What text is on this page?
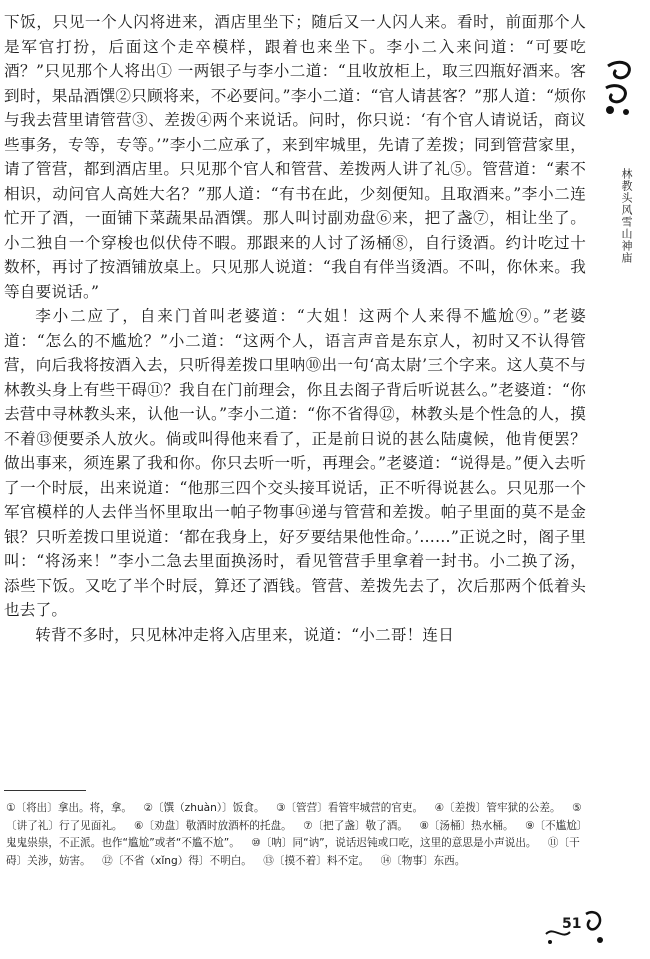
林教头风雪山神庙

下饭，只见一个人闪将进来，酒店里坐下；随后又一人闪人来。看时，前面那个人是军官打扮，后面这个走卒模样，跟着也来坐下。李小二入来问道：“可要吃酒？”只见那个人将出① 一两银子与李小二道：“且收放柜上，取三四瓶好酒来。客到时，果品酒馔②只顾将来，不必要问。”李小二道：“官人请甚客？”那人道：“烦你与我去营里请管营③、差拨④两个来说话。问时，你只说：‘有个官人请说话，商议些事务，专等，专等。’”李小二应承了，来到牢城里，先请了差拨；同到管营家里，请了管营，都到酒店里。只见那个官人和管营、差拨两人讲了礼⑤。管营道：“素不相识，动问官人高姓大名？”那人道：“有书在此，少刻便知。且取酒来。”李小二连忙开了酒，一面铺下菜蔬果品酒馔。那人叫讨副劝盘⑥来，把了盏⑦，相让坐了。小二独自一个穿梭也似伏侍不暇。那跟来的人讨了汤桶⑧，自行烫酒。约计吃过十数杯，再讨了按酒铺放桌上。只见那人说道：“我自有伴当烫酒。不叫，你休来。我等自要说话。”

李小二应了，自来门首叫老婆道：“大姐！这两个人来得不尴尬⑨。”老婆道：“怎么的不尴尬？”小二道：“这两个人，语言声音是东京人，初时又不认得管营，向后我将按酒入去，只听得差拨口里呐⑩出一句‘高太尉’三个字来。这人莫不与林教头身上有些干碍⑪？我自在门前理会，你且去阁子背后听说甚么。”老婆道：“你去营中寻林教头来，认他一认。”李小二道：“你不省得⑫，林教头是个性急的人，摸不着⑬便要杀人放火。倘或叫得他来看了，正是前日说的甚么陆虞候，他肯便罢？做出事来，须连累了我和你。你只去听一听，再理会。”老婆道：“说得是。”便入去听了一个时辰，出来说道：“他那三四个交头接耳说话，正不听得说甚么。只见那一个军官模样的人去伴当怀里取出一帕子物事⑭递与管营和差拨。帕子里面的莫不是金银？只听差拨口里说道：‘都在我身上，好歹要结果他性命。’……”正说之时，阁子里叫：“将汤来！”李小二急去里面换汤时，看见管营手里拿着一封书。小二换了汤，添些下饭。又吃了半个时辰，算还了酒钱。管营、差拨先去了，次后那两个低着头也去了。

转背不多时，只见林冲走将入店里来，说道：“小二哥！连日

①〔将出〕拿出。将，拿。 ②〔馔（zhuàn）〕饭食。 ③〔管营〕看管牢城营的官吏。 ④〔差拨〕管牢狱的公差。 ⑤〔讲了礼〕行了见面礼。 ⑥〔劝盘〕敬酒时放酒杯的托盘。 ⑦〔把了盏〕敬了酒。 ⑧〔汤桶〕热水桶。 ⑨〔不尴尬〕鬼鬼祟祟，不正派。也作“尴尬”或者“不尴不尬”。 ⑩〔呐〕同“讷”，说话迟钝或口吃，这里的意思是小声说出。 ⑪〔干碍〕关涉，妨害。 ⑫〔不省（xǐng）得〕不明白。 ⑬〔摸不着〕料不定。 ⑭〔物事〕东西。
51
